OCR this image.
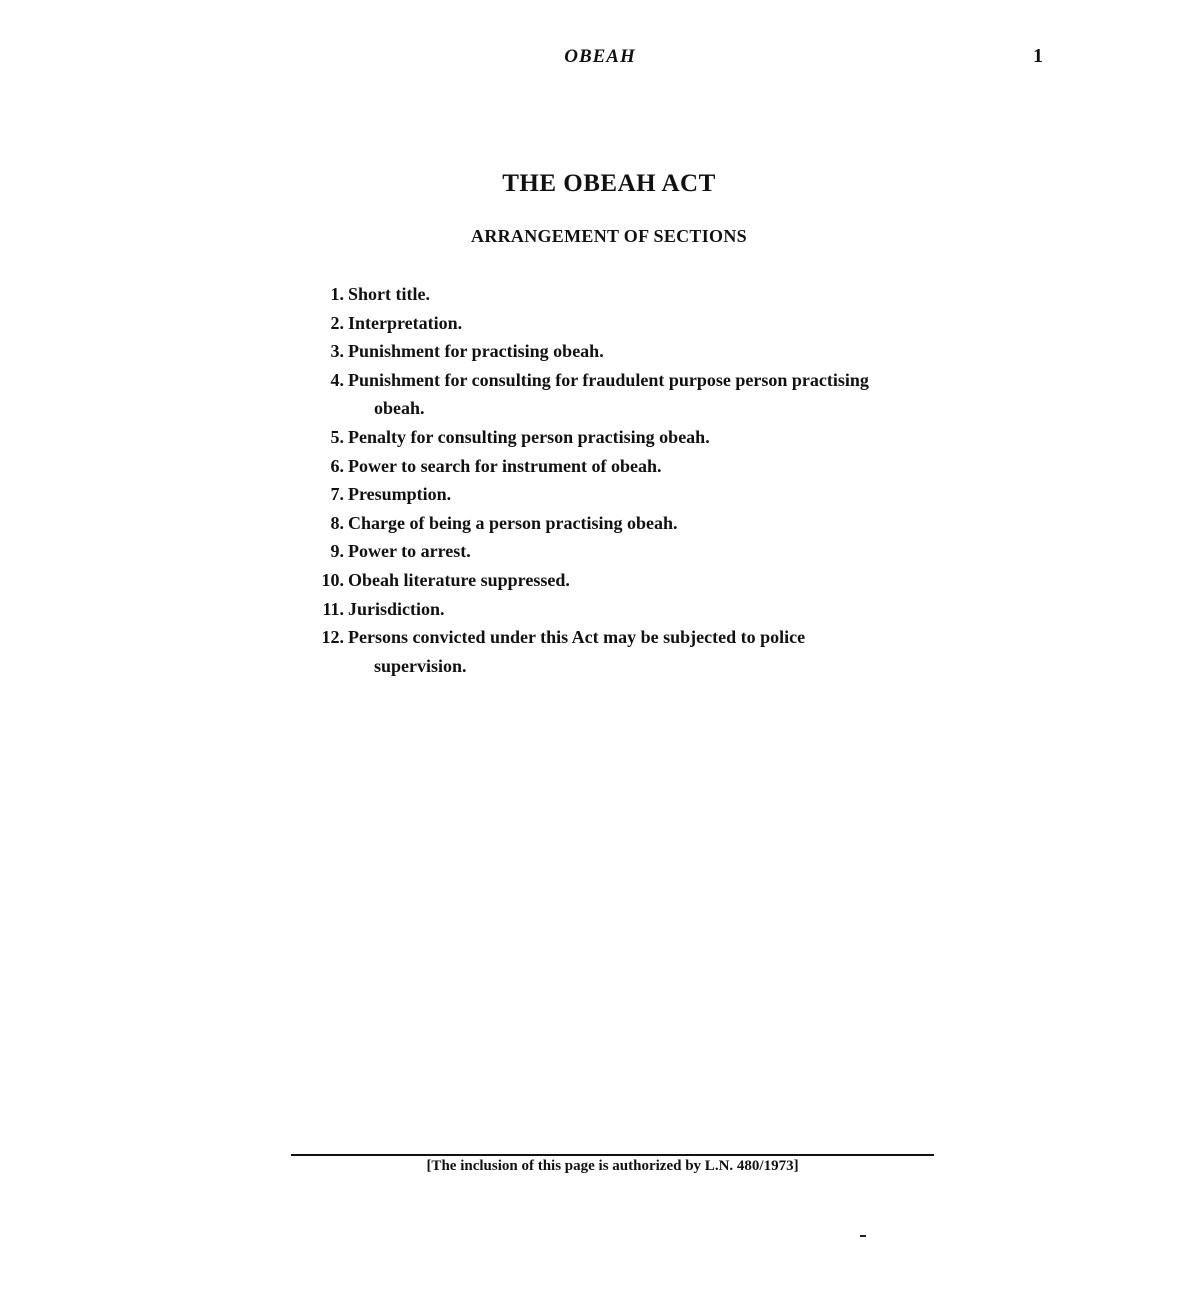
OBEAH	1
THE OBEAH ACT
ARRANGEMENT OF SECTIONS
1. Short title.
2. Interpretation.
3. Punishment for practising obeah.
4. Punishment for consulting for fraudulent purpose person practising
obeah.
5. Penalty for consulting person practising obeah.
6. Power to search for instrument of obeah.
7. Presumption.
8. Charge of being a person practising obeah.
9. Power to arrest.
10. Obeah literature suppressed.
11. Jurisdiction.
12. Persons convicted under this Act may be subjected to police
supervision.
[The inclusion of this page is authorized by L.N. 480/1973]
